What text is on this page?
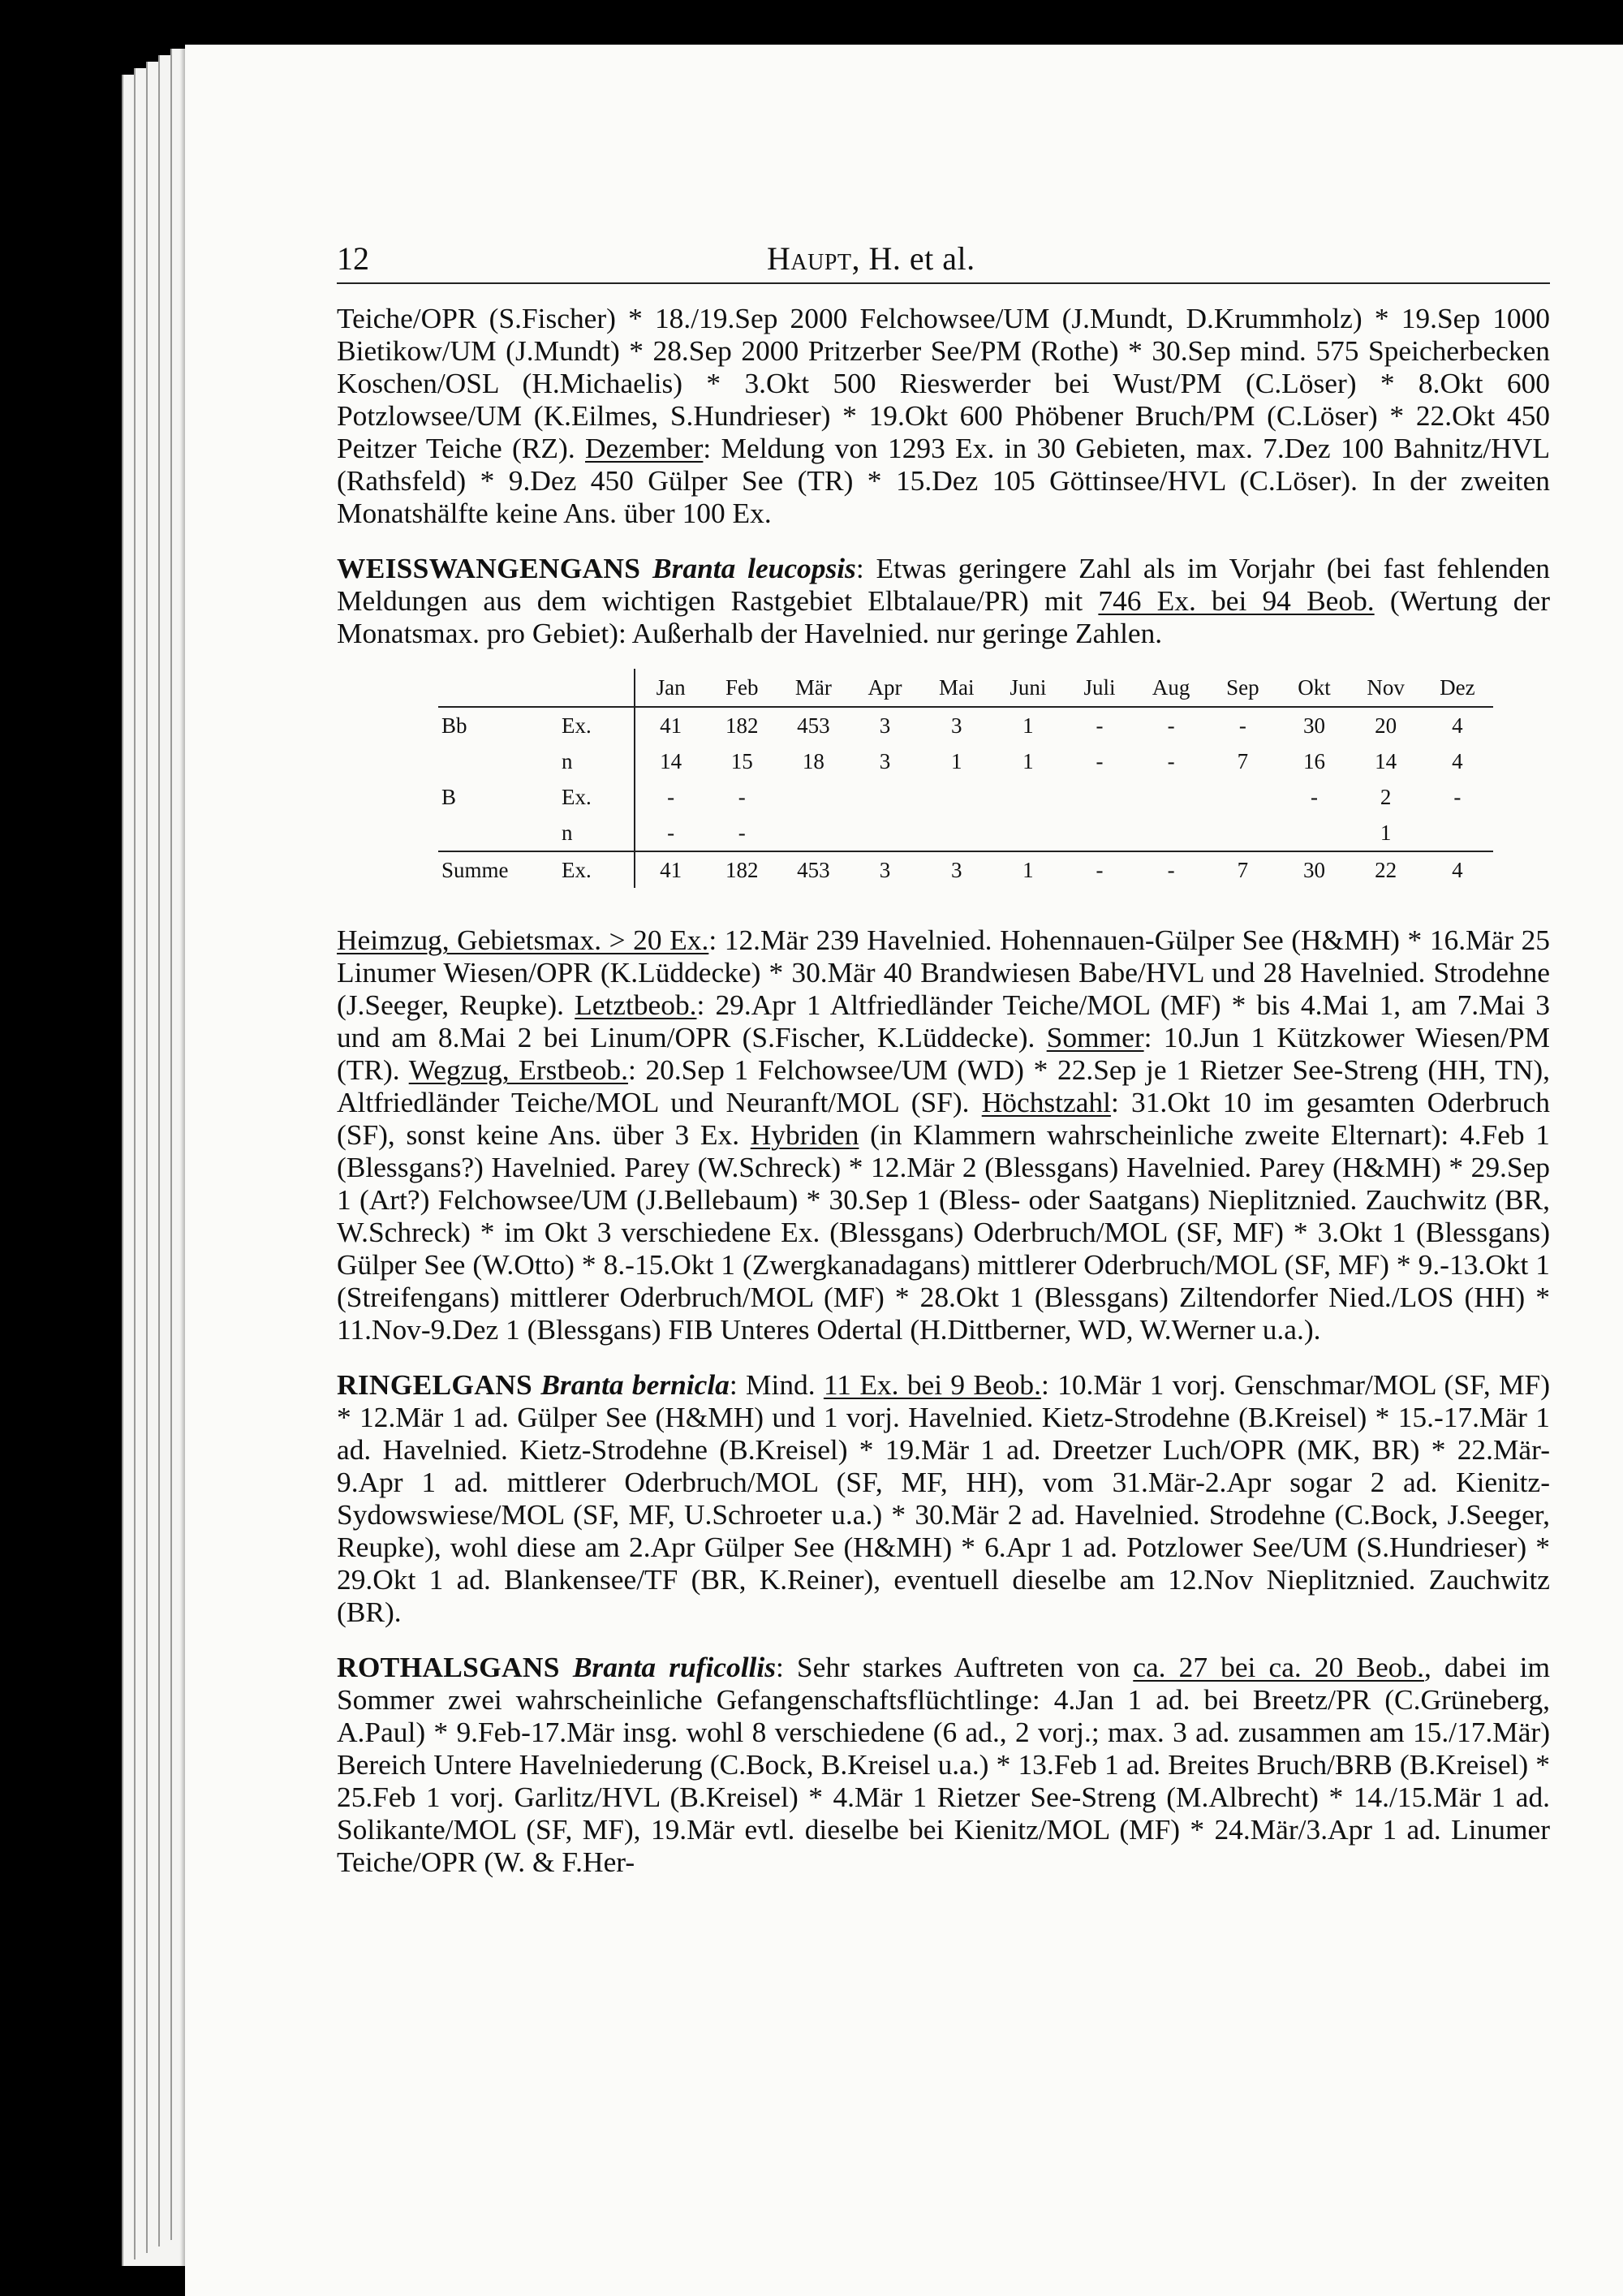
12	Haupt, H. et al.

Teiche/OPR (S.Fischer) * 18./19.Sep 2000 Felchowsee/UM (J.Mundt, D.Krummholz) * 19.Sep 1000 Bietikow/UM (J.Mundt) * 28.Sep 2000 Pritzerber See/PM (Rothe) * 30.Sep mind. 575 Speicherbecken Koschen/OSL (H.Michaelis) * 3.Okt 500 Rieswerder bei Wust/PM (C.Löser) * 8.Okt 600 Potzlowsee/UM (K.Eilmes, S.Hundrieser) * 19.Okt 600 Phöbener Bruch/PM (C.Löser) * 22.Okt 450 Peitzer Teiche (RZ). Dezember: Meldung von 1293 Ex. in 30 Gebieten, max. 7.Dez 100 Bahnitz/HVL (Rathsfeld) * 9.Dez 450 Gülper See (TR) * 15.Dez 105 Göttinsee/HVL (C.Löser). In der zweiten Monatshälfte keine Ans. über 100 Ex.

WEISSWANGENGANS Branta leucopsis: Etwas geringere Zahl als im Vorjahr (bei fast fehlenden Meldungen aus dem wichtigen Rastgebiet Elbtalaue/PR) mit 746 Ex. bei 94 Beob. (Wertung der Monatsmax. pro Gebiet): Außerhalb der Havelnied. nur geringe Zahlen.

		Jan	Feb	Mär	Apr	Mai	Juni	Juli	Aug	Sep	Okt	Nov	Dez
Bb	Ex.	41	182	453	3	3	1	-	-	-	30	20	4
	n	14	15	18	3	1	1	-	-	7	16	14	4
B	Ex.	-	-								-	2	-
	n	-	-									1	
Summe	Ex.	41	182	453	3	3	1	-	-	7	30	22	4

Heimzug, Gebietsmax. > 20 Ex.: 12.Mär 239 Havelnied. Hohennauen-Gülper See (H&MH) * 16.Mär 25 Linumer Wiesen/OPR (K.Lüddecke) * 30.Mär 40 Brandwiesen Babe/HVL und 28 Havelnied. Strodehne (J.Seeger, Reupke). Letztbeob.: 29.Apr 1 Altfriedländer Teiche/MOL (MF) * bis 4.Mai 1, am 7.Mai 3 und am 8.Mai 2 bei Linum/OPR (S.Fischer, K.Lüddecke). Sommer: 10.Jun 1 Kützkower Wiesen/PM (TR). Wegzug, Erstbeob.: 20.Sep 1 Felchowsee/UM (WD) * 22.Sep je 1 Rietzer See-Streng (HH, TN), Altfriedländer Teiche/MOL und Neuranft/MOL (SF). Höchstzahl: 31.Okt 10 im gesamten Oderbruch (SF), sonst keine Ans. über 3 Ex. Hybriden (in Klammern wahrscheinliche zweite Elternart): 4.Feb 1 (Blessgans?) Havelnied. Parey (W.Schreck) * 12.Mär 2 (Blessgans) Havelnied. Parey (H&MH) * 29.Sep 1 (Art?) Felchowsee/UM (J.Bellebaum) * 30.Sep 1 (Bless- oder Saatgans) Nieplitznied. Zauchwitz (BR, W.Schreck) * im Okt 3 verschiedene Ex. (Blessgans) Oderbruch/MOL (SF, MF) * 3.Okt 1 (Blessgans) Gülper See (W.Otto) * 8.-15.Okt 1 (Zwergkanadagans) mittlerer Oderbruch/MOL (SF, MF) * 9.-13.Okt 1 (Streifengans) mittlerer Oderbruch/MOL (MF) * 28.Okt 1 (Blessgans) Ziltendorfer Nied./LOS (HH) * 11.Nov-9.Dez 1 (Blessgans) FIB Unteres Odertal (H.Dittberner, WD, W.Werner u.a.).

RINGELGANS Branta bernicla: Mind. 11 Ex. bei 9 Beob.: 10.Mär 1 vorj. Genschmar/MOL (SF, MF) * 12.Mär 1 ad. Gülper See (H&MH) und 1 vorj. Havelnied. Kietz-Strodehne (B.Kreisel) * 15.-17.Mär 1 ad. Havelnied. Kietz-Strodehne (B.Kreisel) * 19.Mär 1 ad. Dreetzer Luch/OPR (MK, BR) * 22.Mär-9.Apr 1 ad. mittlerer Oderbruch/MOL (SF, MF, HH), vom 31.Mär-2.Apr sogar 2 ad. Kienitz-Sydowswiese/MOL (SF, MF, U.Schroeter u.a.) * 30.Mär 2 ad. Havelnied. Strodehne (C.Bock, J.Seeger, Reupke), wohl diese am 2.Apr Gülper See (H&MH) * 6.Apr 1 ad. Potzlower See/UM (S.Hundrieser) * 29.Okt 1 ad. Blankensee/TF (BR, K.Reiner), eventuell dieselbe am 12.Nov Nieplitznied. Zauchwitz (BR).

ROTHALSGANS Branta ruficollis: Sehr starkes Auftreten von ca. 27 bei ca. 20 Beob., dabei im Sommer zwei wahrscheinliche Gefangenschaftsflüchtlinge: 4.Jan 1 ad. bei Breetz/PR (C.Grüneberg, A.Paul) * 9.Feb-17.Mär insg. wohl 8 verschiedene (6 ad., 2 vorj.; max. 3 ad. zusammen am 15./17.Mär) Bereich Untere Havelniederung (C.Bock, B.Kreisel u.a.) * 13.Feb 1 ad. Breites Bruch/BRB (B.Kreisel) * 25.Feb 1 vorj. Garlitz/HVL (B.Kreisel) * 4.Mär 1 Rietzer See-Streng (M.Albrecht) * 14./15.Mär 1 ad. Solikante/MOL (SF, MF), 19.Mär evtl. dieselbe bei Kienitz/MOL (MF) * 24.Mär/3.Apr 1 ad. Linumer Teiche/OPR (W. & F.Her-
